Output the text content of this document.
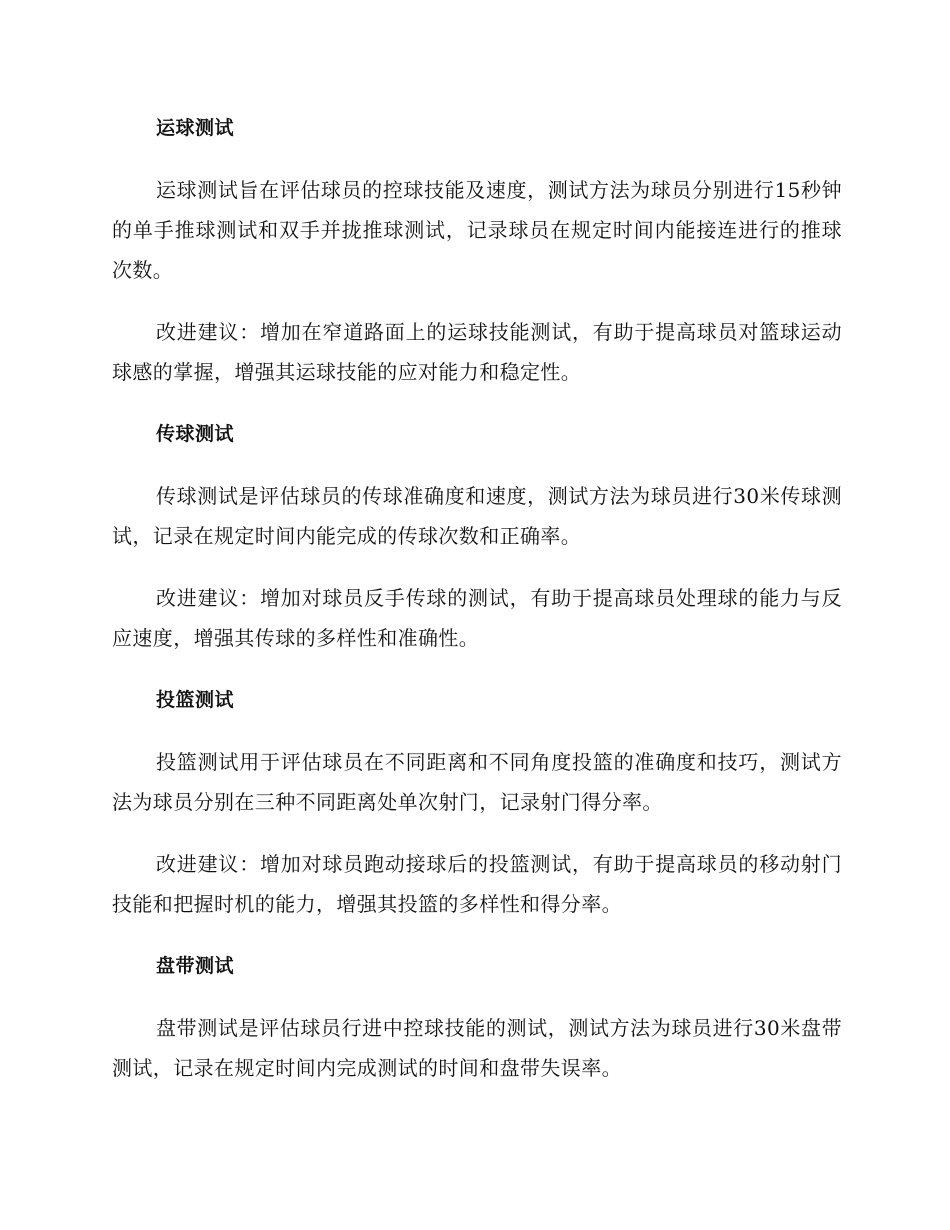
运球测试

运球测试旨在评估球员的控球技能及速度，测试方法为球员分别进行15秒钟的单手推球测试和双手并拢推球测试，记录球员在规定时间内能接连进行的推球次数。

改进建议：增加在窄道路面上的运球技能测试，有助于提高球员对篮球运动球感的掌握，增强其运球技能的应对能力和稳定性。

传球测试

传球测试是评估球员的传球准确度和速度，测试方法为球员进行30米传球测试，记录在规定时间内能完成的传球次数和正确率。

改进建议：增加对球员反手传球的测试，有助于提高球员处理球的能力与反应速度，增强其传球的多样性和准确性。

投篮测试

投篮测试用于评估球员在不同距离和不同角度投篮的准确度和技巧，测试方法为球员分别在三种不同距离处单次射门，记录射门得分率。

改进建议：增加对球员跑动接球后的投篮测试，有助于提高球员的移动射门技能和把握时机的能力，增强其投篮的多样性和得分率。

盘带测试

盘带测试是评估球员行进中控球技能的测试，测试方法为球员进行30米盘带测试，记录在规定时间内完成测试的时间和盘带失误率。
